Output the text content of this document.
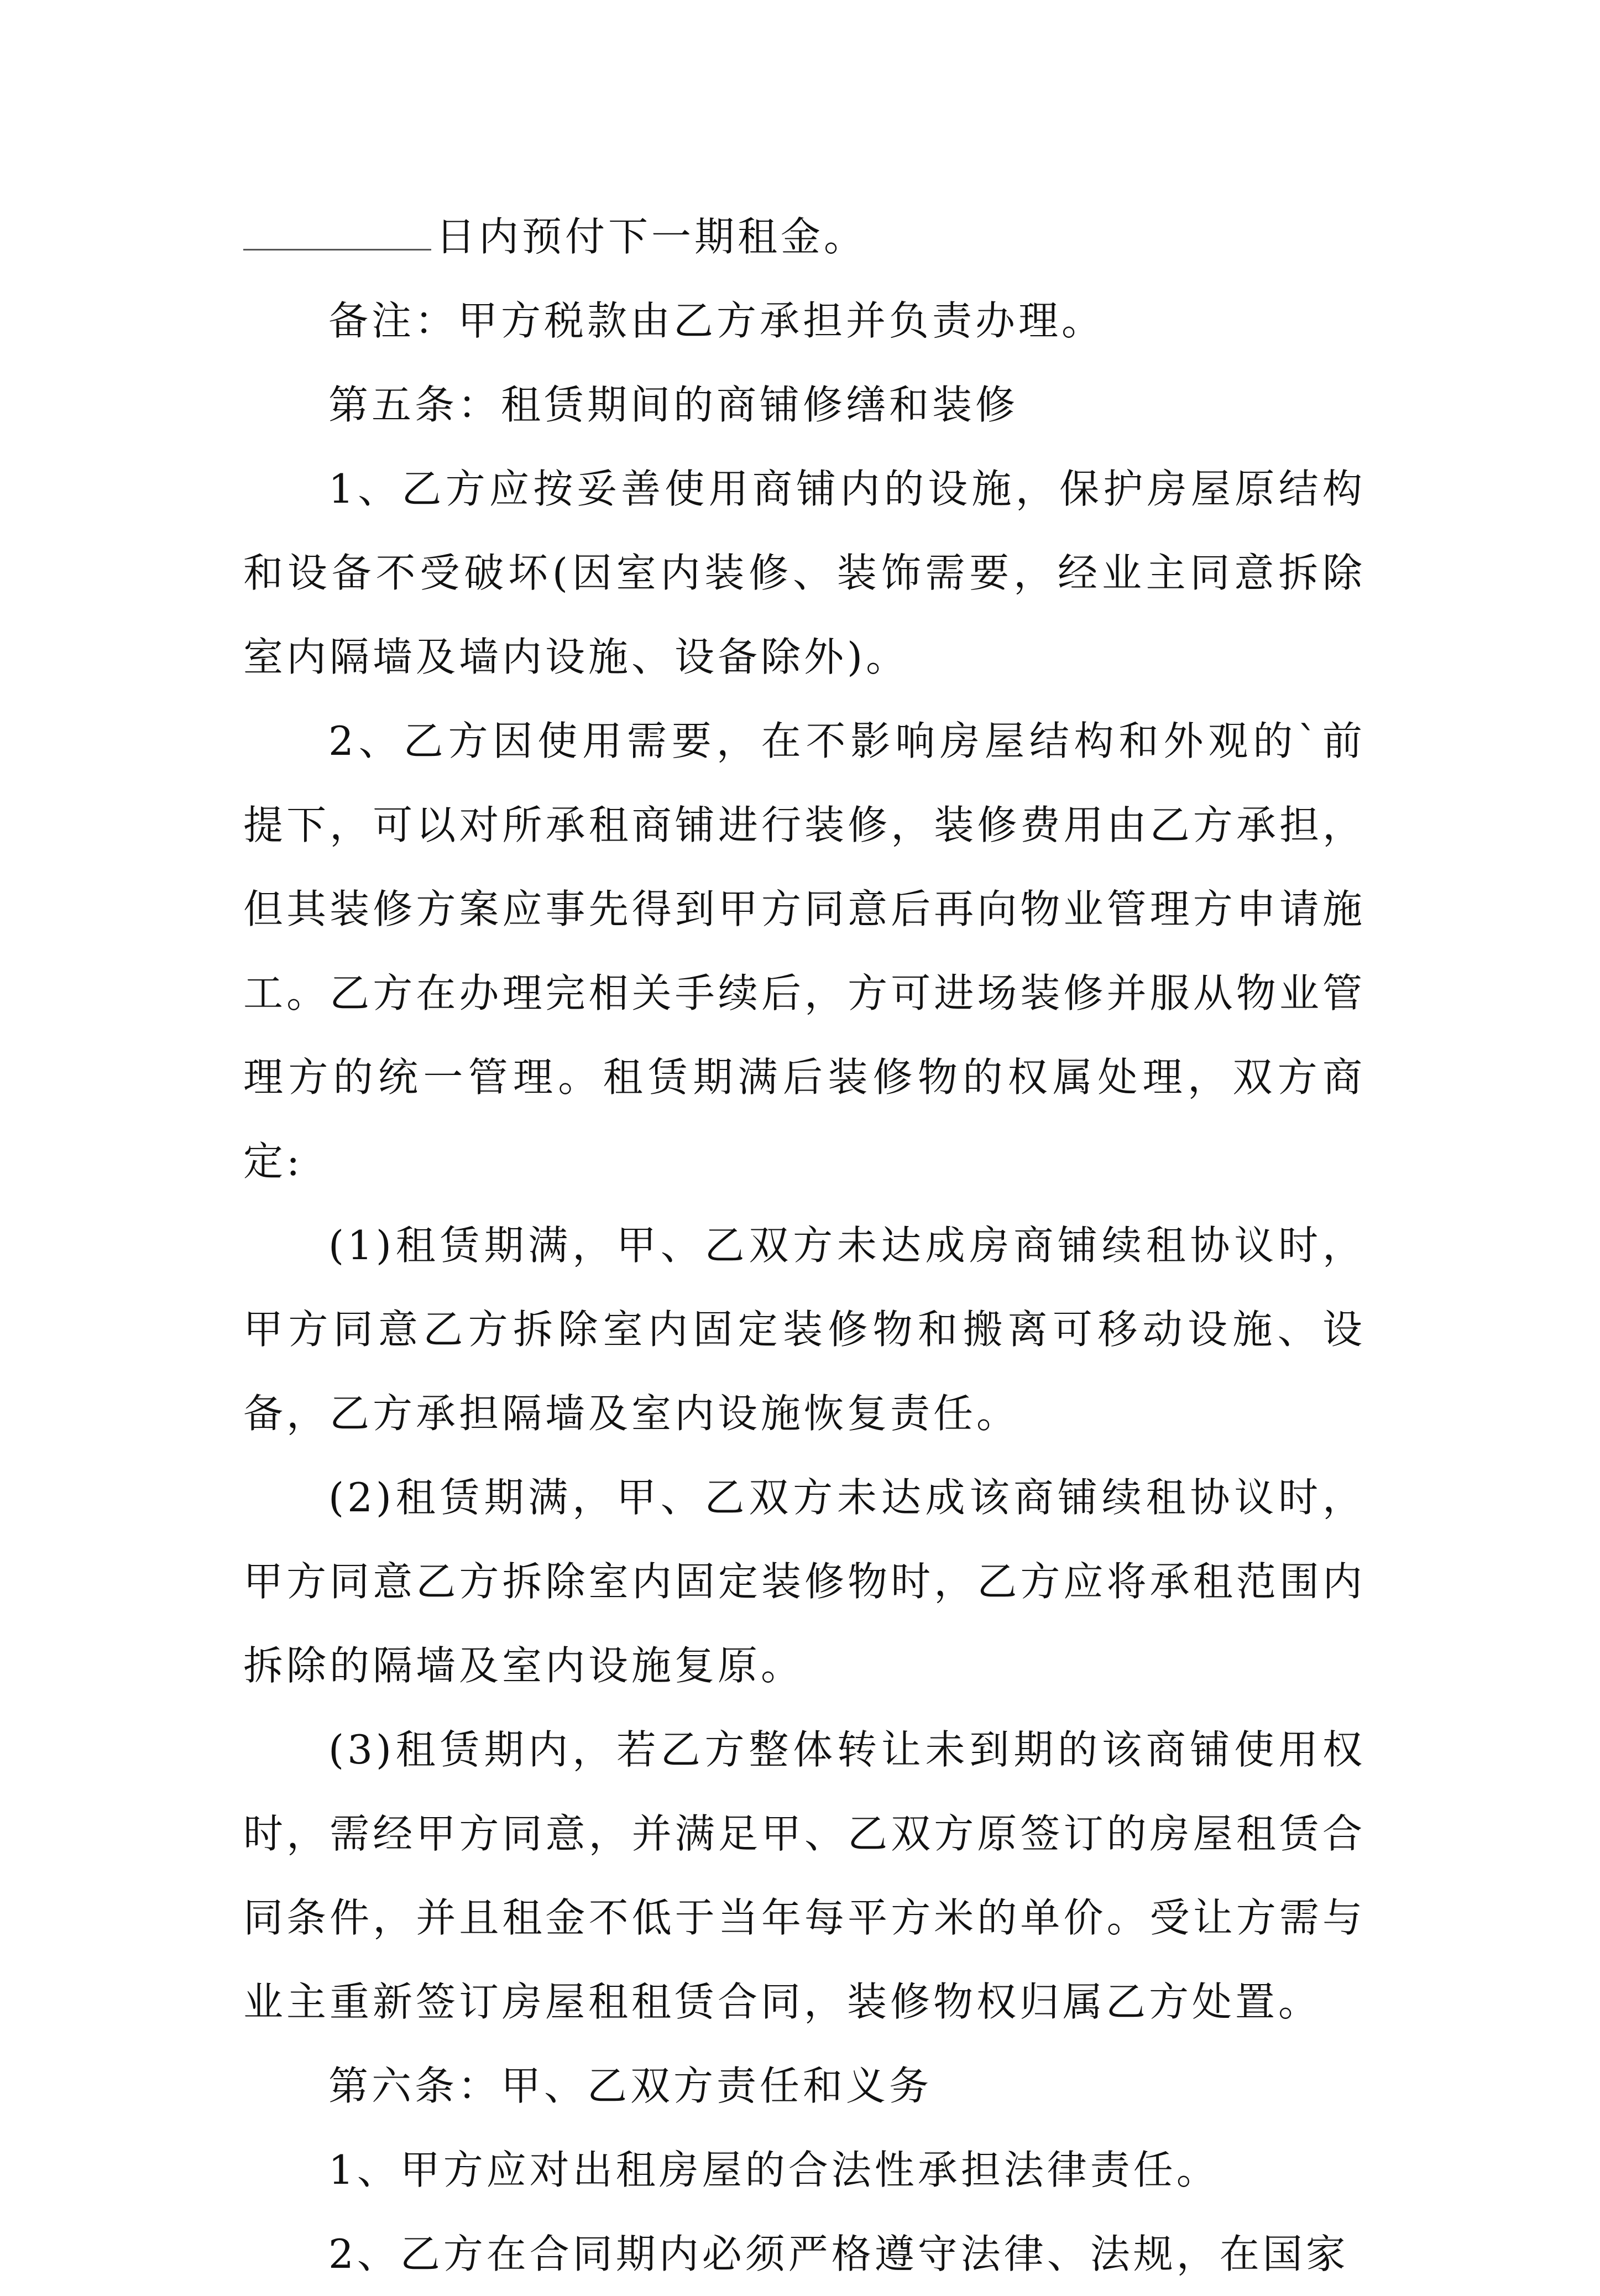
日内预付下一期租金。

备注：甲方税款由乙方承担并负责办理。

第五条：租赁期间的商铺修缮和装修

1、乙方应按妥善使用商铺内的设施，保护房屋原结构和设备不受破坏(因室内装修、装饰需要，经业主同意拆除室内隔墙及墙内设施、设备除外)。

2、乙方因使用需要，在不影响房屋结构和外观的`前提下，可以对所承租商铺进行装修，装修费用由乙方承担，但其装修方案应事先得到甲方同意后再向物业管理方申请施工。乙方在办理完相关手续后，方可进场装修并服从物业管理方的统一管理。租赁期满后装修物的权属处理，双方商定:

(1)租赁期满，甲、乙双方未达成房商铺续租协议时，甲方同意乙方拆除室内固定装修物和搬离可移动设施、设备，乙方承担隔墙及室内设施恢复责任。

(2)租赁期满，甲、乙双方未达成该商铺续租协议时，甲方同意乙方拆除室内固定装修物时，乙方应将承租范围内拆除的隔墙及室内设施复原。

(3)租赁期内，若乙方整体转让未到期的该商铺使用权时，需经甲方同意，并满足甲、乙双方原签订的房屋租赁合同条件，并且租金不低于当年每平方米的单价。受让方需与业主重新签订房屋租租赁合同，装修物权归属乙方处置。

第六条：甲、乙双方责任和义务

1、甲方应对出租房屋的合法性承担法律责任。

2、乙方在合同期内必须严格遵守法律、法规，在国家
